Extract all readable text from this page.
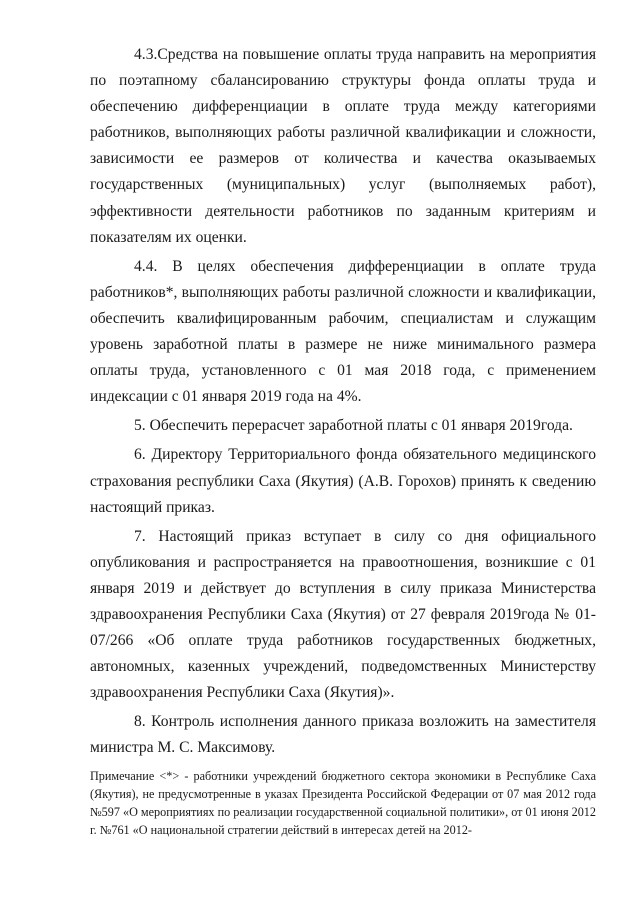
4.3.Средства на повышение оплаты труда направить на мероприятия по поэтапному сбалансированию структуры фонда оплаты труда и обеспечению дифференциации в оплате труда между категориями работников, выполняющих работы различной квалификации и сложности, зависимости ее размеров от количества и качества оказываемых государственных (муниципальных) услуг (выполняемых работ), эффективности деятельности работников по заданным критериям и показателям их оценки.

4.4. В целях обеспечения дифференциации в оплате труда работников*, выполняющих работы различной сложности и квалификации, обеспечить квалифицированным рабочим, специалистам и служащим уровень заработной платы в размере не ниже минимального размера оплаты труда, установленного с 01 мая 2018 года, с применением индексации с 01 января 2019 года на 4%.

5. Обеспечить перерасчет заработной платы с 01 января 2019года.

6. Директору Территориального фонда обязательного медицинского страхования республики Саха (Якутия) (А.В. Горохов) принять к сведению настоящий приказ.

7. Настоящий приказ вступает в силу со дня официального опубликования и распространяется на правоотношения, возникшие с 01 января 2019 и действует до вступления в силу приказа Министерства здравоохранения Республики Саха (Якутия) от 27 февраля 2019года № 01-07/266 «Об оплате труда работников государственных бюджетных, автономных, казенных учреждений, подведомственных Министерству здравоохранения Республики Саха (Якутия)».

8. Контроль исполнения данного приказа возложить на заместителя министра М. С. Максимову.

Примечание <*> - работники учреждений бюджетного сектора экономики в Республике Саха (Якутия), не предусмотренные в указах Президента Российской Федерации от 07 мая 2012 года №597 «О мероприятиях по реализации государственной социальной политики», от 01 июня 2012 г. №761 «О национальной стратегии действий в интересах детей на 2012-
